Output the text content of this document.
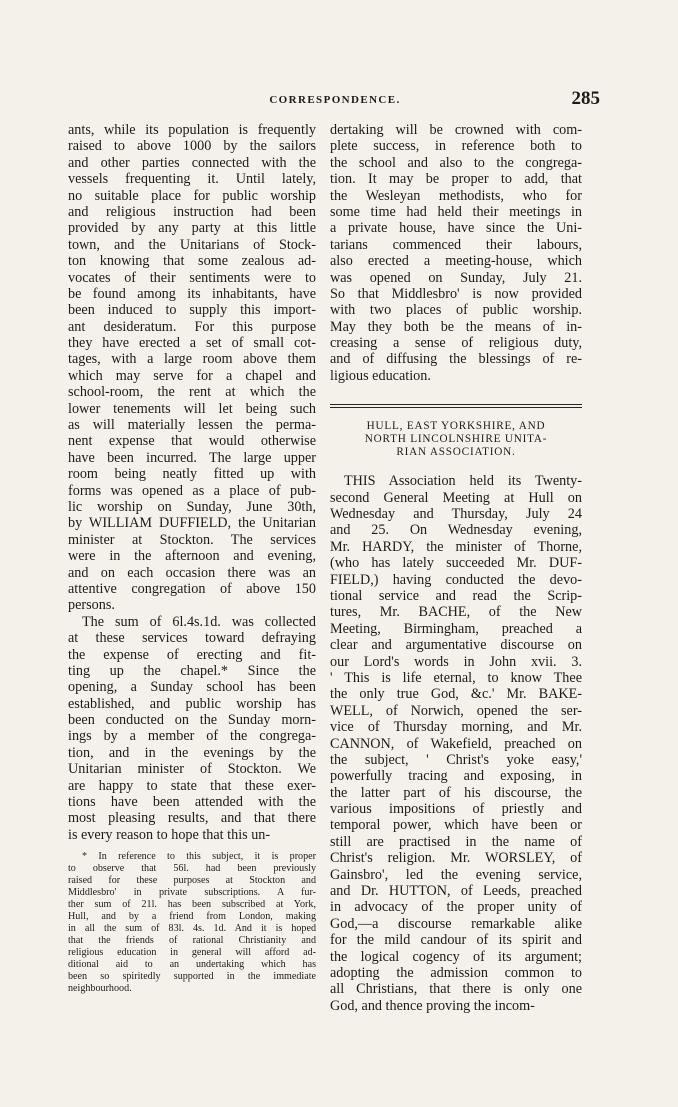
CORRESPONDENCE.	285
ants, while its population is frequently
raised to above 1000 by the sailors
and other parties connected with the
vessels frequenting it. Until lately,
no suitable place for public worship
and religious instruction had been
provided by any party at this little
town, and the Unitarians of Stock-
ton knowing that some zealous ad-
vocates of their sentiments were to
be found among its inhabitants, have
been induced to supply this import-
ant desideratum. For this purpose
they have erected a set of small cot-
tages, with a large room above them
which may serve for a chapel and
school-room, the rent at which the
lower tenements will let being such
as will materially lessen the perma-
nent expense that would otherwise
have been incurred. The large upper
room being neatly fitted up with
forms was opened as a place of pub-
lic worship on Sunday, June 30th,
by WILLIAM DUFFIELD, the Unitarian
minister at Stockton. The services
were in the afternoon and evening,
and on each occasion there was an
attentive congregation of above 150
persons.
The sum of 6l.4s.1d. was collected
at these services toward defraying
the expense of erecting and fit-
ting up the chapel.* Since the
opening, a Sunday school has been
established, and public worship has
been conducted on the Sunday morn-
ings by a member of the congrega-
tion, and in the evenings by the
Unitarian minister of Stockton. We
are happy to state that these exer-
tions have been attended with the
most pleasing results, and that there
is every reason to hope that this un-
* In reference to this subject, it is proper
to observe that 56l. had been previously
raised for these purposes at Stockton and
Middlesbro' in private subscriptions. A fur-
ther sum of 21l. has been subscribed at York,
Hull, and by a friend from London, making
in all the sum of 83l. 4s. 1d. And it is hoped
that the friends of rational Christianity and
religious education in general will afford ad-
ditional aid to an undertaking which has
been so spiritedly supported in the immediate
neighbourhood.
dertaking will be crowned with com-
plete success, in reference both to
the school and also to the congrega-
tion. It may be proper to add, that
the Wesleyan methodists, who for
some time had held their meetings in
a private house, have since the Uni-
tarians commenced their labours,
also erected a meeting-house, which
was opened on Sunday, July 21.
So that Middlesbro' is now provided
with two places of public worship.
May they both be the means of in-
creasing a sense of religious duty,
and of diffusing the blessings of re-
ligious education.
HULL, EAST YORKSHIRE, AND
NORTH LINCOLNSHIRE UNITA-
RIAN ASSOCIATION.
THIS Association held its Twenty-
second General Meeting at Hull on
Wednesday and Thursday, July 24
and 25. On Wednesday evening,
Mr. HARDY, the minister of Thorne,
(who has lately succeeded Mr. DUF-
FIELD,) having conducted the devo-
tional service and read the Scrip-
tures, Mr. BACHE, of the New
Meeting, Birmingham, preached a
clear and argumentative discourse on
our Lord's words in John xvii. 3.
' This is life eternal, to know Thee
the only true God, &c.' Mr. BAKE-
WELL, of Norwich, opened the ser-
vice of Thursday morning, and Mr.
CANNON, of Wakefield, preached on
the subject, ' Christ's yoke easy,'
powerfully tracing and exposing, in
the latter part of his discourse, the
various impositions of priestly and
temporal power, which have been or
still are practised in the name of
Christ's religion. Mr. WORSLEY, of
Gainsbro', led the evening service,
and Dr. HUTTON, of Leeds, preached
in advocacy of the proper unity of
God,—a discourse remarkable alike
for the mild candour of its spirit and
the logical cogency of its argument;
adopting the admission common to
all Christians, that there is only one
God, and thence proving the incom-
